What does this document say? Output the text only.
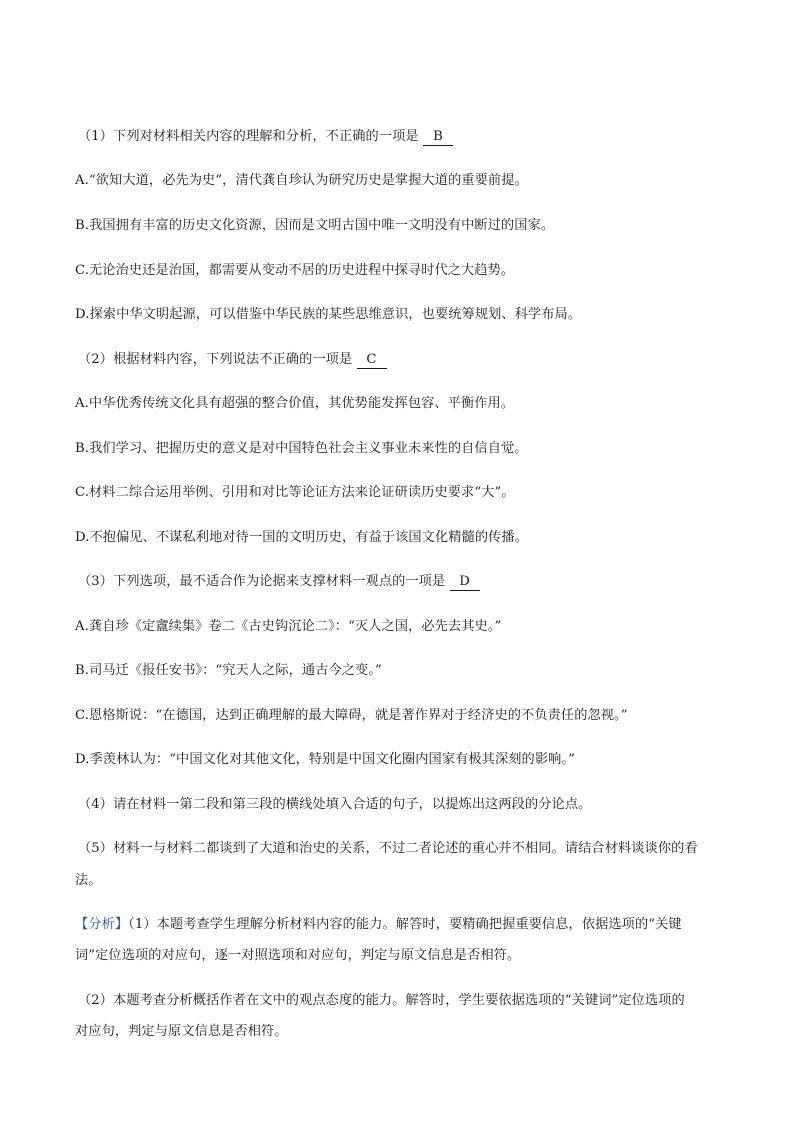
（1）下列对材料相关内容的理解和分析，不正确的一项是 B
A.“欲知大道，必先为史”，清代龚自珍认为研究历史是掌握大道的重要前提。
B.我国拥有丰富的历史文化资源，因而是文明古国中唯一文明没有中断过的国家。
C.无论治史还是治国，都需要从变动不居的历史进程中探寻时代之大趋势。
D.探索中华文明起源，可以借鉴中华民族的某些思维意识，也要统筹规划、科学布局。
（2）根据材料内容，下列说法不正确的一项是 C
A.中华优秀传统文化具有超强的整合价值，其优势能发挥包容、平衡作用。
B.我们学习、把握历史的意义是对中国特色社会主义事业未来性的自信自觉。
C.材料二综合运用举例、引用和对比等论证方法来论证研读历史要求“大”。
D.不抱偏见、不谋私利地对待一国的文明历史，有益于该国文化精髓的传播。
（3）下列选项，最不适合作为论据来支撑材料一观点的一项是 D
A.龚自珍《定盦续集》卷二《古史钩沉论二》：“灭人之国，必先去其史。”
B.司马迁《报任安书》：“究天人之际，通古今之变。”
C.恩格斯说：“在德国，达到正确理解的最大障碍，就是著作界对于经济史的不负责任的忽视。”
D.季羡林认为：“中国文化对其他文化，特别是中国文化圈内国家有极其深刻的影响。”
（4）请在材料一第二段和第三段的横线处填入合适的句子，以提炼出这两段的分论点。
（5）材料一与材料二都谈到了大道和治史的关系，不过二者论述的重心并不相同。请结合材料谈谈你的看
法。
【分析】（1）本题考查学生理解分析材料内容的能力。解答时，要精确把握重要信息，依据选项的“关键
词”定位选项的对应句，逐一对照选项和对应句，判定与原文信息是否相符。
（2）本题考查分析概括作者在文中的观点态度的能力。解答时，学生要依据选项的“关键词”定位选项的
对应句，判定与原文信息是否相符。
